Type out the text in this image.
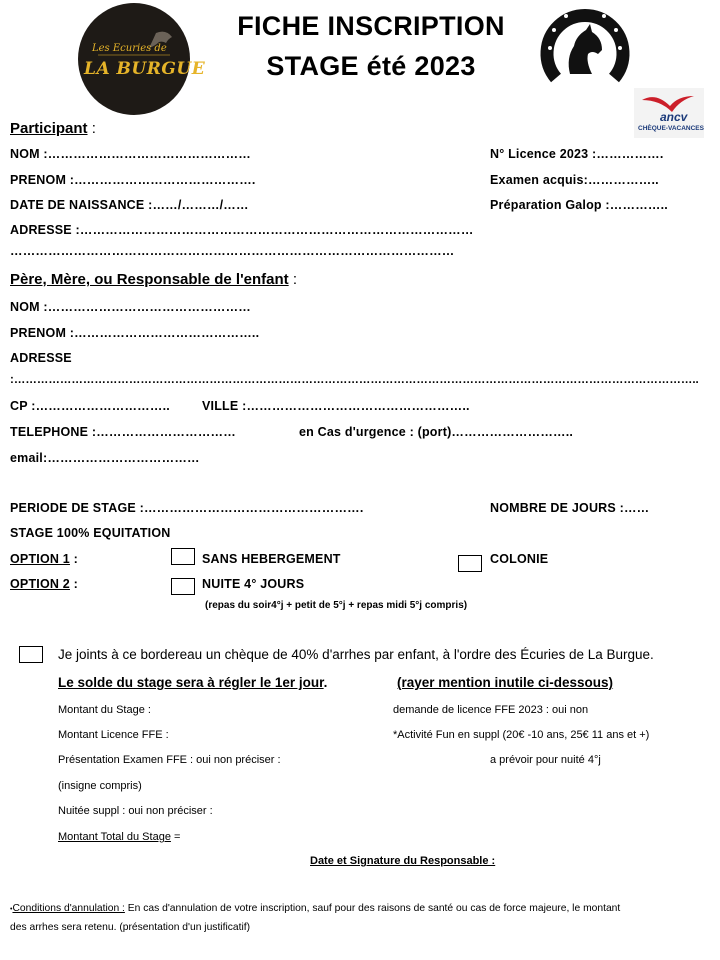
Les Ecuries de
LA BURGUE
FICHE INSCRIPTION
STAGE été 2023
ancv
CHÈQUE-VACANCES
Participant :
NOM :…………………………………………
PRENOM :…………………………………….
DATE DE NAISSANCE :……/………/……
ADRESSE :…………………………………………………………………………………
……………………………………………………………………………………………
N° Licence 2023 :…………….
Examen acquis:……………..
Préparation Galop :…………..
Père, Mère, ou Responsable de l'enfant :
NOM :…………………………………………
PRENOM :……………………………………..
ADRESSE
:……………………………………………………………………………………………………………………………………………………………..
CP :…………………………..	VILLE :……………………………………………..
TELEPHONE :……………………………	en Cas d'urgence : (port)………………………..
email:………………………………
PERIODE DE STAGE :…………………………………………….	NOMBRE DE JOURS :……
STAGE 100% EQUITATION
OPTION 1 :	SANS HEBERGEMENT	COLONIE
OPTION 2 :	NUITE 4° JOURS
(repas du soir4°j + petit de 5°j + repas midi 5°j compris)
Je joints à ce bordereau un chèque de 40% d'arrhes par enfant, à l'ordre des Écuries de La Burgue.
Le solde du stage sera à régler le 1er jour.	(rayer mention inutile ci-dessous)
Montant du Stage :
Montant Licence FFE :
Présentation Examen FFE : oui non préciser :
(insigne compris)
Nuitée suppl : oui non préciser :
Montant Total du Stage =
demande de licence FFE 2023 : oui non
*Activité Fun en suppl (20€ -10 ans, 25€ 11 ans et +)
a prévoir pour nuité 4°j
Date et Signature du Responsable :
•Conditions d'annulation : En cas d'annulation de votre inscription, sauf pour des raisons de santé ou cas de force majeure, le montant
des arrhes sera retenu. (présentation d'un justificatif)
